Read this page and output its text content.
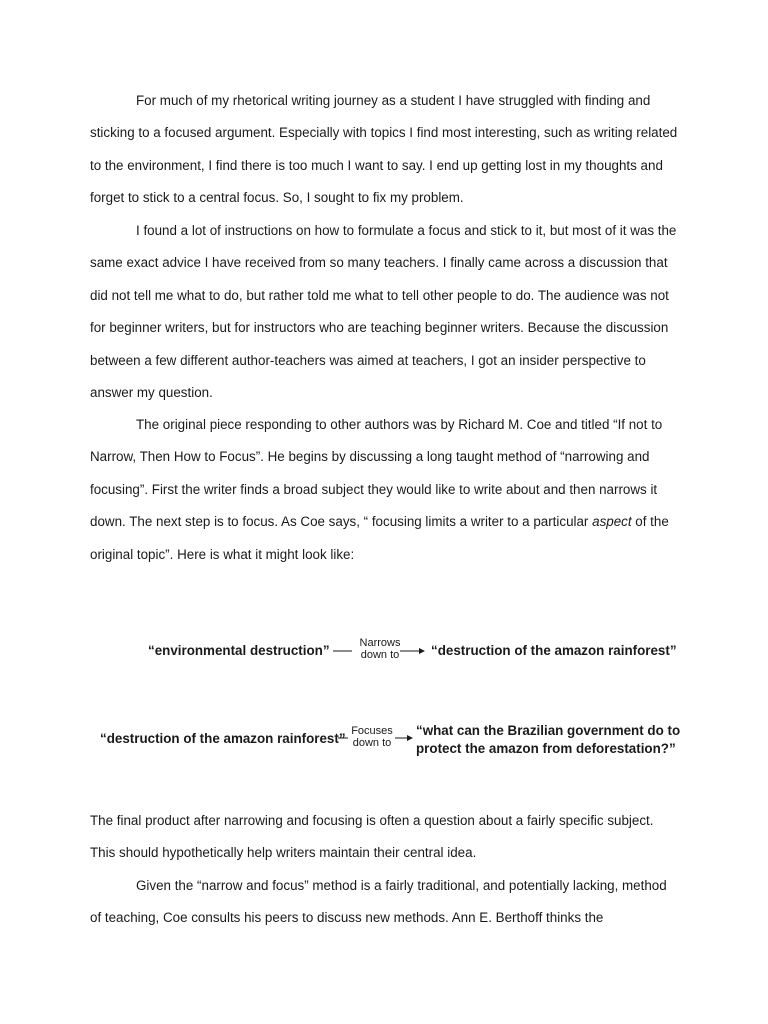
For much of my rhetorical writing journey as a student I have struggled with finding and sticking to a focused argument. Especially with topics I find most interesting, such as writing related to the environment, I find there is too much I want to say. I end up getting lost in my thoughts and forget to stick to a central focus. So, I sought to fix my problem.

I found a lot of instructions on how to formulate a focus and stick to it, but most of it was the same exact advice I have received from so many teachers. I finally came across a discussion that did not tell me what to do, but rather told me what to tell other people to do. The audience was not for beginner writers, but for instructors who are teaching beginner writers. Because the discussion between a few different author-teachers was aimed at teachers, I got an insider perspective to answer my question.

The original piece responding to other authors was by Richard M. Coe and titled “If not to Narrow, Then How to Focus”. He begins by discussing a long taught method of “narrowing and focusing”. First the writer finds a broad subject they would like to write about and then narrows it down. The next step is to focus. As Coe says, “ focusing limits a writer to a particular aspect of the original topic”. Here is what it might look like:

“environmental destruction”	Narrows
down to	“destruction of the amazon rainforest”
“destruction of the amazon rainforest” Focuses
down to
“what can the Brazilian government do to
protect the amazon from deforestation?”

The final product after narrowing and focusing is often a question about a fairly specific subject. This should hypothetically help writers maintain their central idea.

Given the “narrow and focus” method is a fairly traditional, and potentially lacking, method of teaching, Coe consults his peers to discuss new methods. Ann E. Berthoff thinks the
